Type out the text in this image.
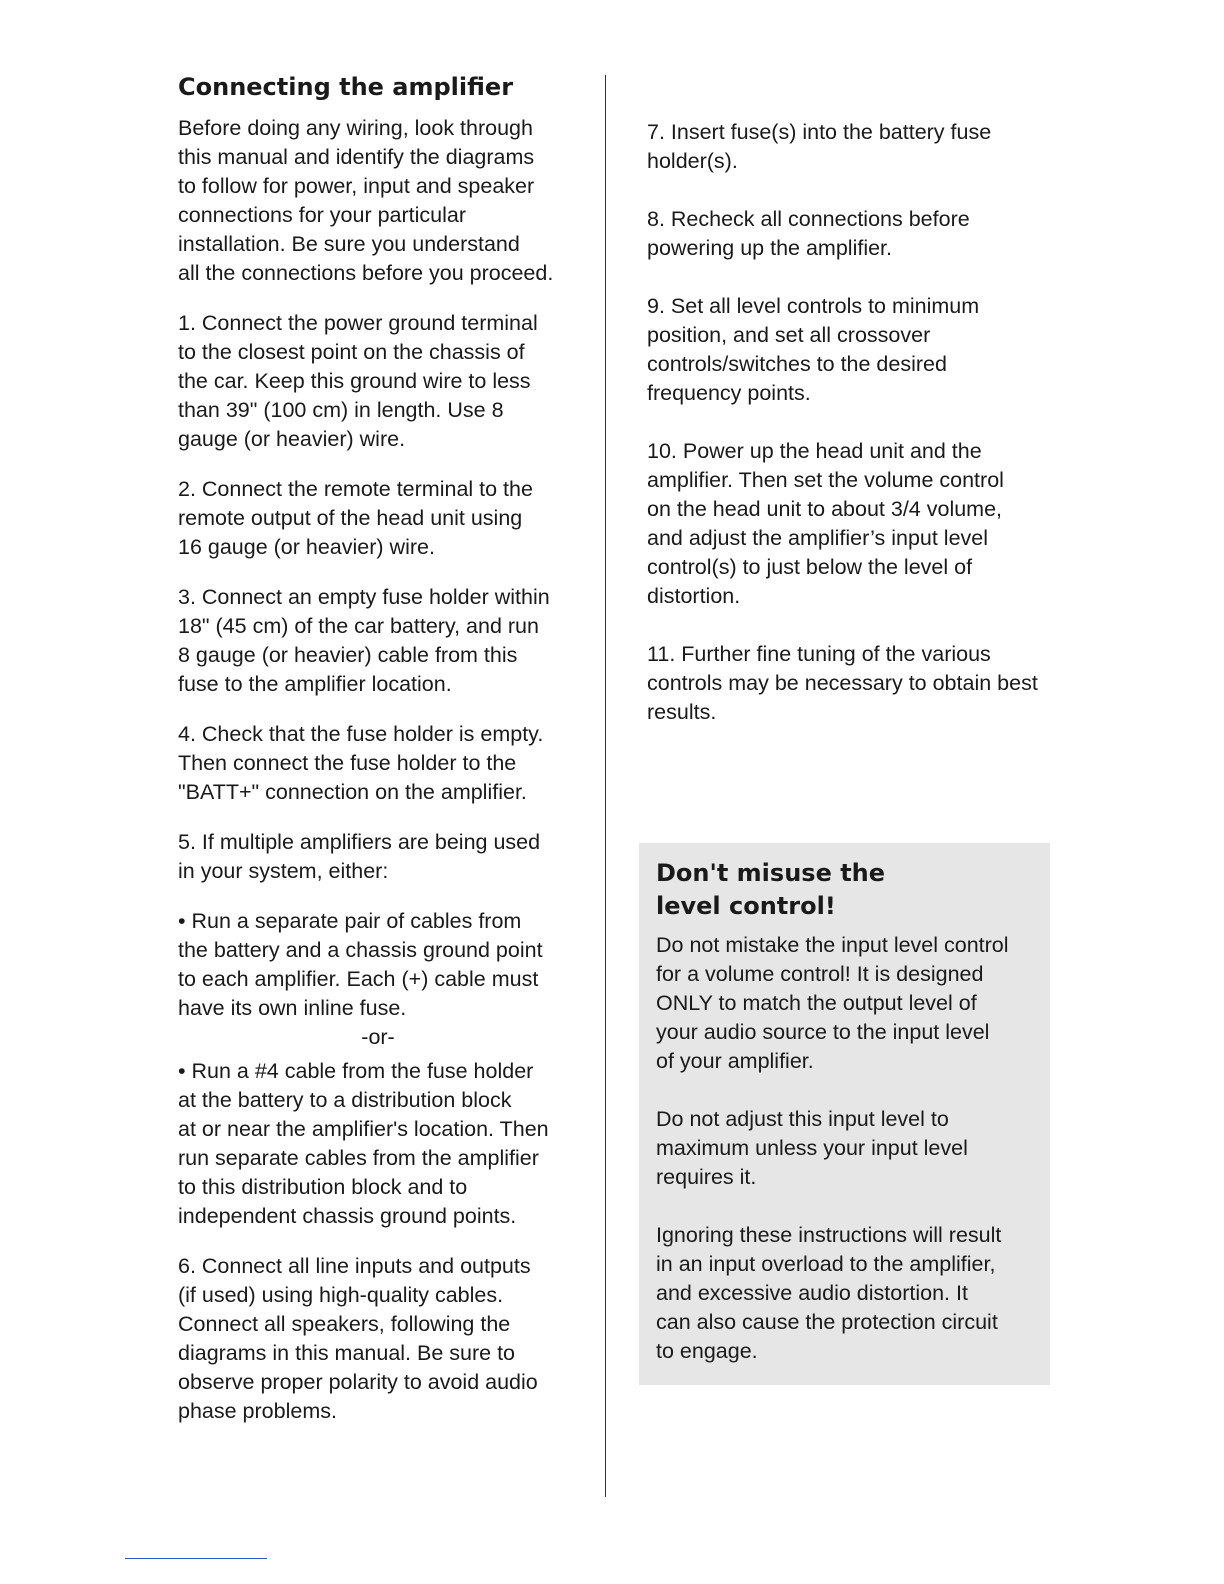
Connecting the amplifier
Before doing any wiring, look through
this manual and identify the diagrams
to follow for power, input and speaker
connections for your particular
installation. Be sure you understand
all the connections before you proceed.
1. Connect the power ground terminal
to the closest point on the chassis of
the car. Keep this ground wire to less
than 39" (100 cm) in length. Use 8
gauge (or heavier) wire.
2. Connect the remote terminal to the
remote output of the head unit using
16 gauge (or heavier) wire.
3. Connect an empty fuse holder within
18" (45 cm) of the car battery, and run
8 gauge (or heavier) cable from this
fuse to the amplifier location.
4. Check that the fuse holder is empty.
Then connect the fuse holder to the
"BATT+" connection on the amplifier.
5. If multiple amplifiers are being used
in your system, either:
• Run a separate pair of cables from
the battery and a chassis ground point
to each amplifier. Each (+) cable must
have its own inline fuse.
-or-
• Run a #4 cable from the fuse holder
at the battery to a distribution block
at or near the amplifier's location. Then
run separate cables from the amplifier
to this distribution block and to
independent chassis ground points.
6. Connect all line inputs and outputs
(if used) using high-quality cables.
Connect all speakers, following the
diagrams in this manual. Be sure to
observe proper polarity to avoid audio
phase problems.
7. Insert fuse(s) into the battery fuse
holder(s).
8. Recheck all connections before
powering up the amplifier.
9. Set all level controls to minimum
position, and set all crossover
controls/switches to the desired
frequency points.
10. Power up the head unit and the
amplifier. Then set the volume control
on the head unit to about 3/4 volume,
and adjust the amplifier’s input level
control(s) to just below the level of
distortion.
11. Further fine tuning of the various
controls may be necessary to obtain best
results.
Don't misuse the
level control!
Do not mistake the input level control
for a volume control! It is designed
ONLY to match the output level of
your audio source to the input level
of your amplifier.
Do not adjust this input level to
maximum unless your input level
requires it.
Ignoring these instructions will result
in an input overload to the amplifier,
and excessive audio distortion. It
can also cause the protection circuit
to engage.
